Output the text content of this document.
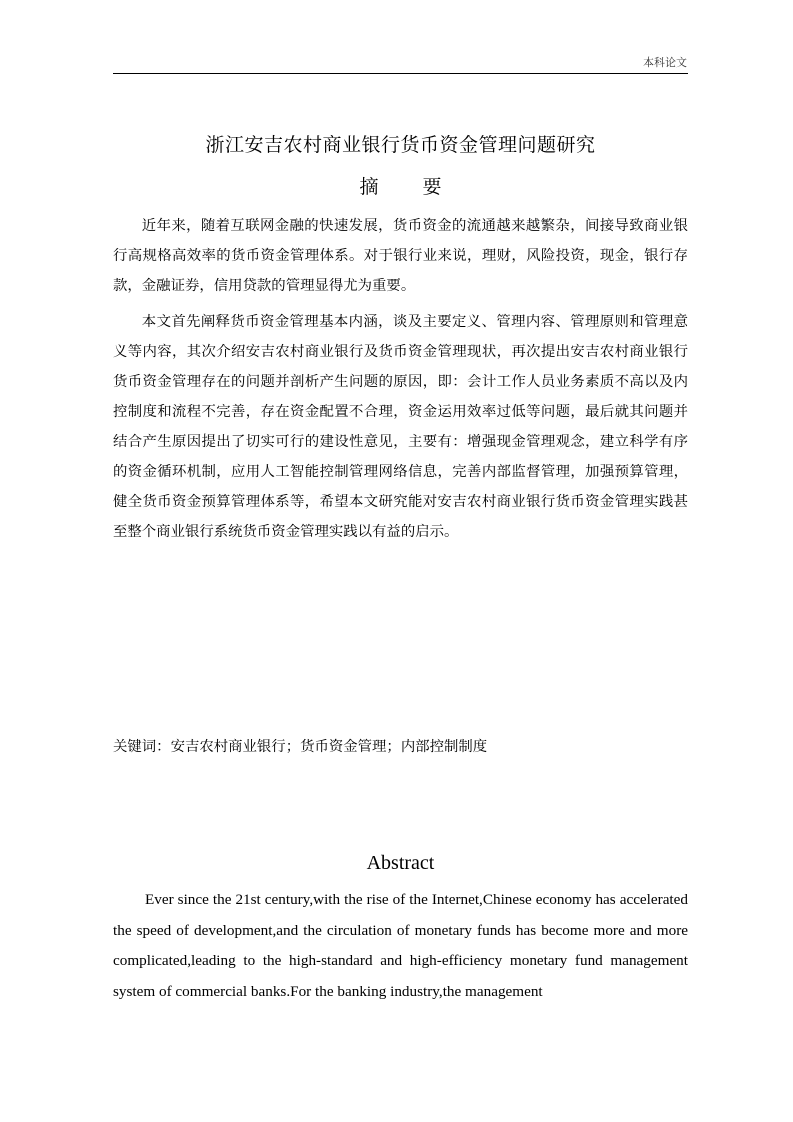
本科论文
浙江安吉农村商业银行货币资金管理问题研究
摘 要

近年来，随着互联网金融的快速发展，货币资金的流通越来越繁杂，间接导致商业银行高规格高效率的货币资金管理体系。对于银行业来说，理财，风险投资，现金，银行存款，金融证券，信用贷款的管理显得尤为重要。

本文首先阐释货币资金管理基本内涵，谈及主要定义、管理内容、管理原则和管理意义等内容，其次介绍安吉农村商业银行及货币资金管理现状，再次提出安吉农村商业银行货币资金管理存在的问题并剖析产生问题的原因，即：会计工作人员业务素质不高以及内控制度和流程不完善，存在资金配置不合理，资金运用效率过低等问题，最后就其问题并结合产生原因提出了切实可行的建设性意见，主要有：增强现金管理观念，建立科学有序的资金循环机制，应用人工智能控制管理网络信息，完善内部监督管理，加强预算管理，健全货币资金预算管理体系等，希望本文研究能对安吉农村商业银行货币资金管理实践甚至整个商业银行系统货币资金管理实践以有益的启示。

关键词：安吉农村商业银行；货币资金管理；内部控制制度
Abstract

Ever since the 21st century,with the rise of the Internet,Chinese economy has accelerated the speed of development,and the circulation of monetary funds has become more and more complicated,leading to the high-standard and high-efficiency monetary fund management system of commercial banks.For the banking industry,the management
